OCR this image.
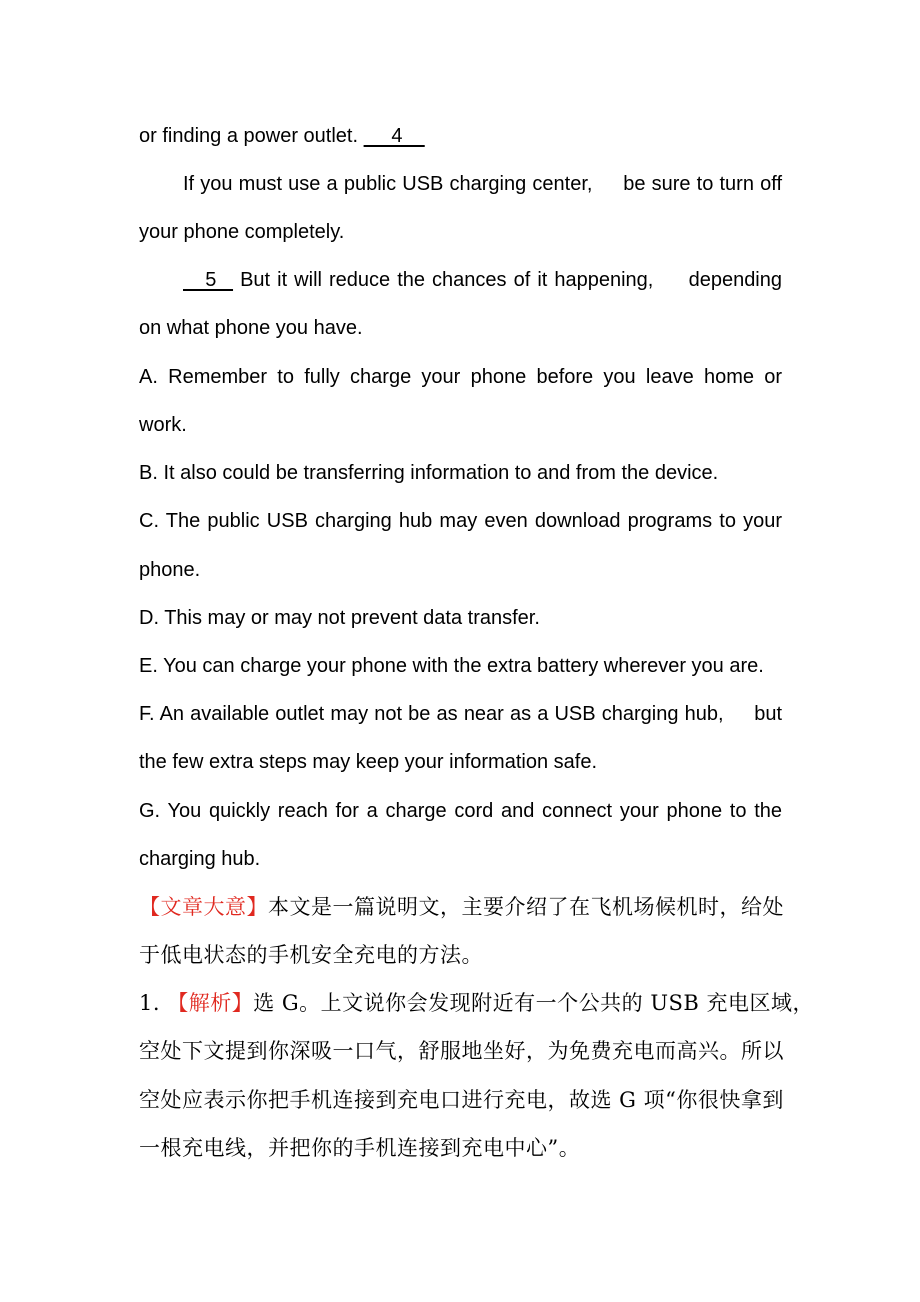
or finding a power outlet.      4
If you must use a public USB charging center,     be sure to turn off
your phone completely.
5    But it will reduce the chances of it happening,     depending
on what phone you have.
A. Remember to fully charge your phone before you leave home or
work.
B. It also could be transferring information to and from the device.
C. The public USB charging hub may even download programs to your
phone.
D. This may or may not prevent data transfer.
E. You can charge your phone with the extra battery wherever you are.
F. An available outlet may not be as near as a USB charging hub,     but
the few extra steps may keep your information safe.
G. You quickly reach for a charge cord and connect your phone to the
charging hub.
【文章大意】本文是一篇说明文，主要介绍了在飞机场候机时，给处
于低电状态的手机安全充电的方法。
1. 【解析】选 G。上文说你会发现附近有一个公共的 USB 充电区域，
空处下文提到你深吸一口气，舒服地坐好，为免费充电而高兴。所以
空处应表示你把手机连接到充电口进行充电，故选 G 项“你很快拿到
一根充电线，并把你的手机连接到充电中心”。
